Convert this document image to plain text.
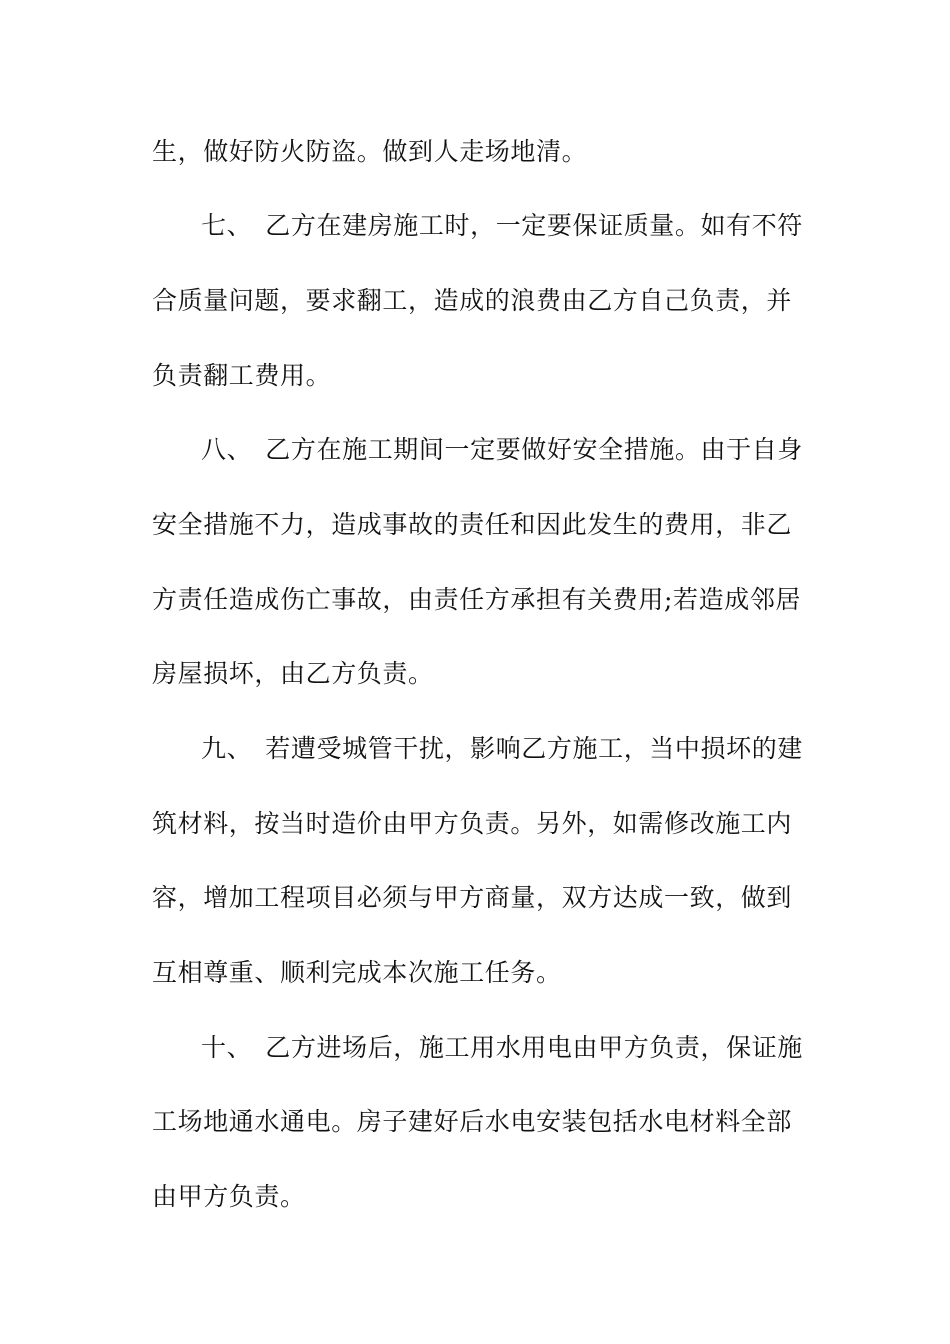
生，做好防火防盗。做到人走场地清。
七、　乙方在建房施工时，一定要保证质量。如有不符
合质量问题，要求翻工，造成的浪费由乙方自己负责，并
负责翻工费用。
八、　乙方在施工期间一定要做好安全措施。由于自身
安全措施不力，造成事故的责任和因此发生的费用，非乙
方责任造成伤亡事故，由责任方承担有关费用;若造成邻居
房屋损坏，由乙方负责。
九、　若遭受城管干扰，影响乙方施工，当中损坏的建
筑材料，按当时造价由甲方负责。另外，如需修改施工内
容，增加工程项目必须与甲方商量，双方达成一致，做到
互相尊重、顺利完成本次施工任务。
十、　乙方进场后，施工用水用电由甲方负责，保证施
工场地通水通电。房子建好后水电安装包括水电材料全部
由甲方负责。
